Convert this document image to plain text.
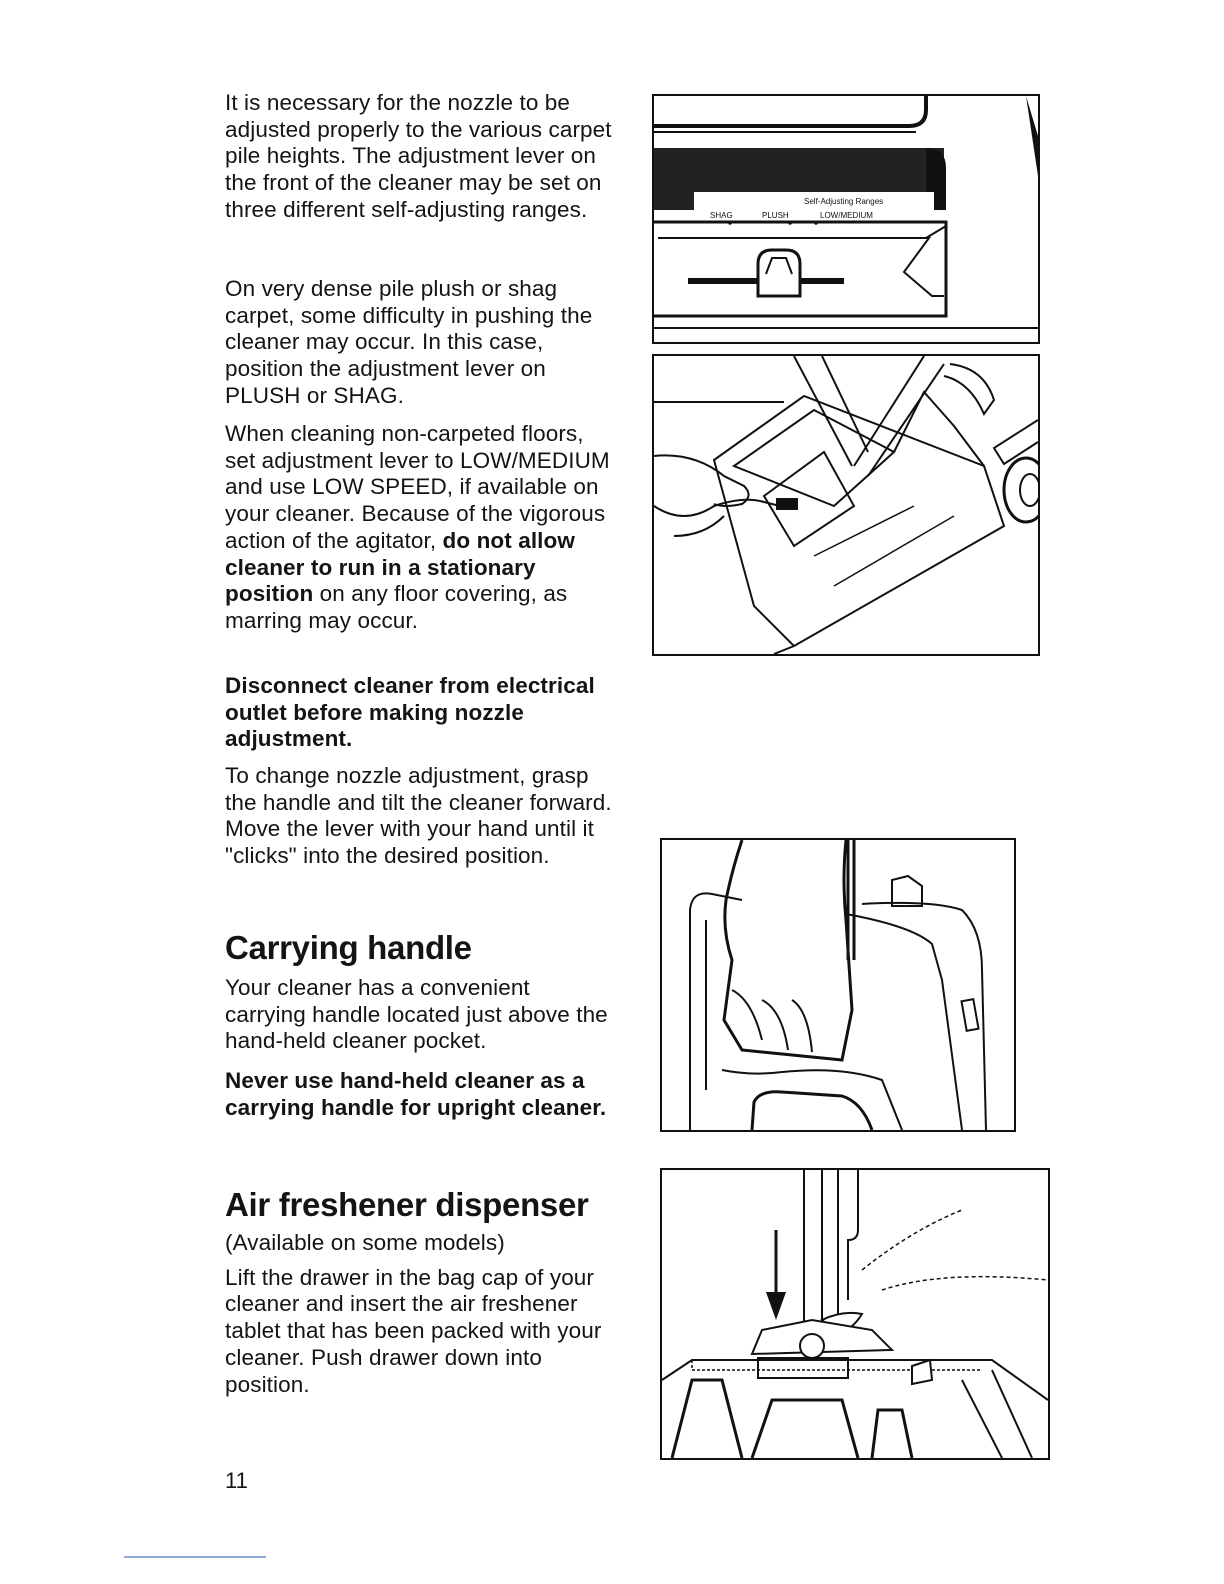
It is necessary for the nozzle to be adjusted properly to the various carpet pile heights. The adjustment lever on the front of the cleaner may be set on three different self-adjusting ranges.

On very dense pile plush or shag carpet, some difficulty in pushing the cleaner may occur. In this case, position the adjustment lever on PLUSH or SHAG.

When cleaning non-carpeted floors, set adjustment lever to LOW/MEDIUM and use LOW SPEED, if available on your cleaner. Because of the vigorous action of the agitator, do not allow cleaner to run in a stationary position on any floor covering, as marring may occur.

Disconnect cleaner from electrical outlet before making nozzle adjustment.

To change nozzle adjustment, grasp the handle and tilt the cleaner forward. Move the lever with your hand until it "clicks" into the desired position.

Carrying handle

Your cleaner has a convenient carrying handle located just above the hand-held cleaner pocket.

Never use hand-held cleaner as a carrying handle for upright cleaner.

Air freshener dispenser

(Available on some models)

Lift the drawer in the bag cap of your cleaner and insert the air freshener tablet that has been packed with your cleaner. Push drawer down into position.

11
Self-Adjusting Ranges
SHAG	PLUSH	LOW/MEDIUM
